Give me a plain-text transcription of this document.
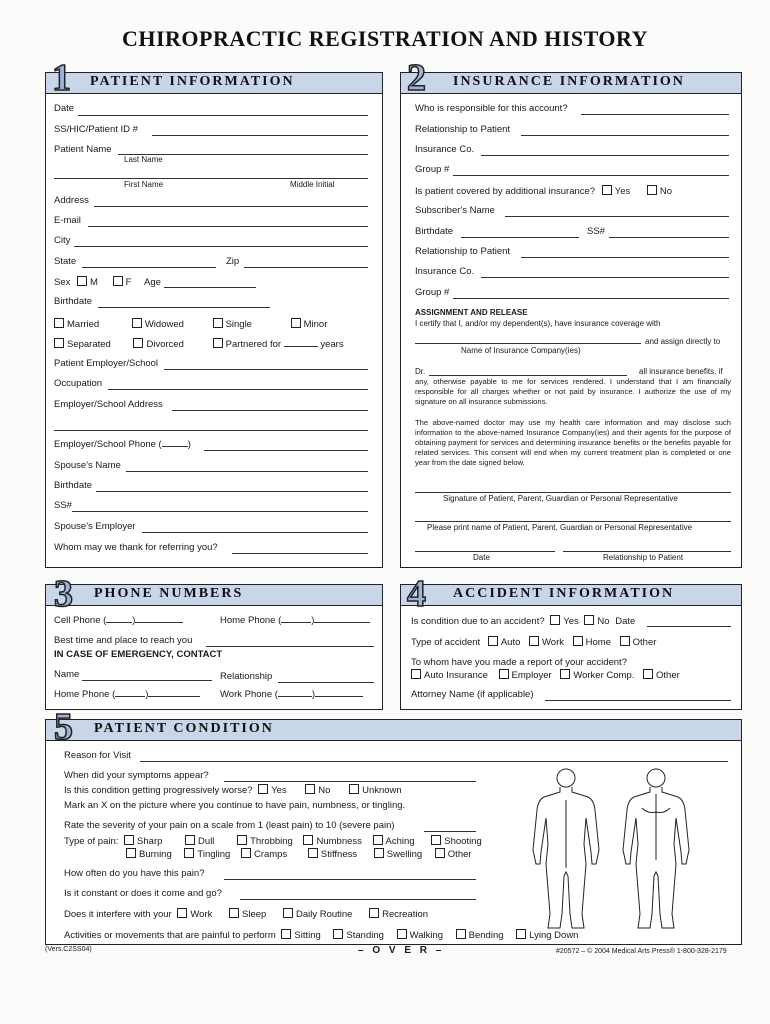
CHIROPRACTIC REGISTRATION AND HISTORY
1 PATIENT INFORMATION
Date
SS/HIC/Patient ID #
Patient Name
Last Name
First Name	Middle Initial
Address
E-mail
City
State	Zip
Sex M	F Age
Birthdate
Married	Widowed	Single	Minor
Separated	Divorced	Partnered for	years
Patient Employer/School
Occupation
Employer/School Address
Employer/School Phone (	)
Spouse's Name
Birthdate
SS#
Spouse's Employer
Whom may we thank for referring you?
2 INSURANCE INFORMATION
Who is responsible for this account?
Relationship to Patient
Insurance Co.
Group #
Is patient covered by additional insurance? Yes	No
Subscriber's Name
Birthdate	SS#
Relationship to Patient
Insurance Co.
Group #
ASSIGNMENT AND RELEASE
I certify that I, and/or my dependent(s), have insurance coverage with
and assign directly to
Name of Insurance Company(ies)
Dr.	all insurance benefits, if
any, otherwise payable to me for services rendered. I understand that I am financially responsible for all charges whether or not paid by insurance. I authorize the use of my signature on all insurance submissions.
The above-named doctor may use my health care information and may disclose such information to the above-named Insurance Company(ies) and their agents for the purpose of obtaining payment for services and determining insurance benefits or the benefits payable for related services. This consent will end when my current treatment plan is completed or one year from the date signed below.
Signature of Patient, Parent, Guardian or Personal Representative
Please print name of Patient, Parent, Guardian or Personal Representative
Date	Relationship to Patient
3 PHONE NUMBERS
Cell Phone (	)	Home Phone (	)
Best time and place to reach you
IN CASE OF EMERGENCY, CONTACT
Name	Relationship
Home Phone (	)	Work Phone (	)
4 ACCIDENT INFORMATION
Is condition due to an accident? Yes No Date
Type of accident Auto Work Home Other
To whom have you made a report of your accident?
Auto Insurance Employer Worker Comp. Other
Attorney Name (if applicable)
5 PATIENT CONDITION
Reason for Visit
When did your symptoms appear?
Is this condition getting progressively worse? Yes	No	Unknown
Mark an X on the picture where you continue to have pain, numbness, or tingling.
Rate the severity of your pain on a scale from 1 (least pain) to 10 (severe pain)
Type of pain: Sharp	Dull	Throbbing Numbness Aching	Shooting
Burning	Tingling Cramps	Stiffness	Swelling	Other
How often do you have this pain?
Is it constant or does it come and go?
Does it interfere with your Work	Sleep	Daily Routine	Recreation
Activities or movements that are painful to perform Sitting	Standing	Walking	Bending	Lying Down
(Vers.C2SS04)	– O V E R –	#20572 – © 2004 Medical Arts Press® 1-800-328-2179
